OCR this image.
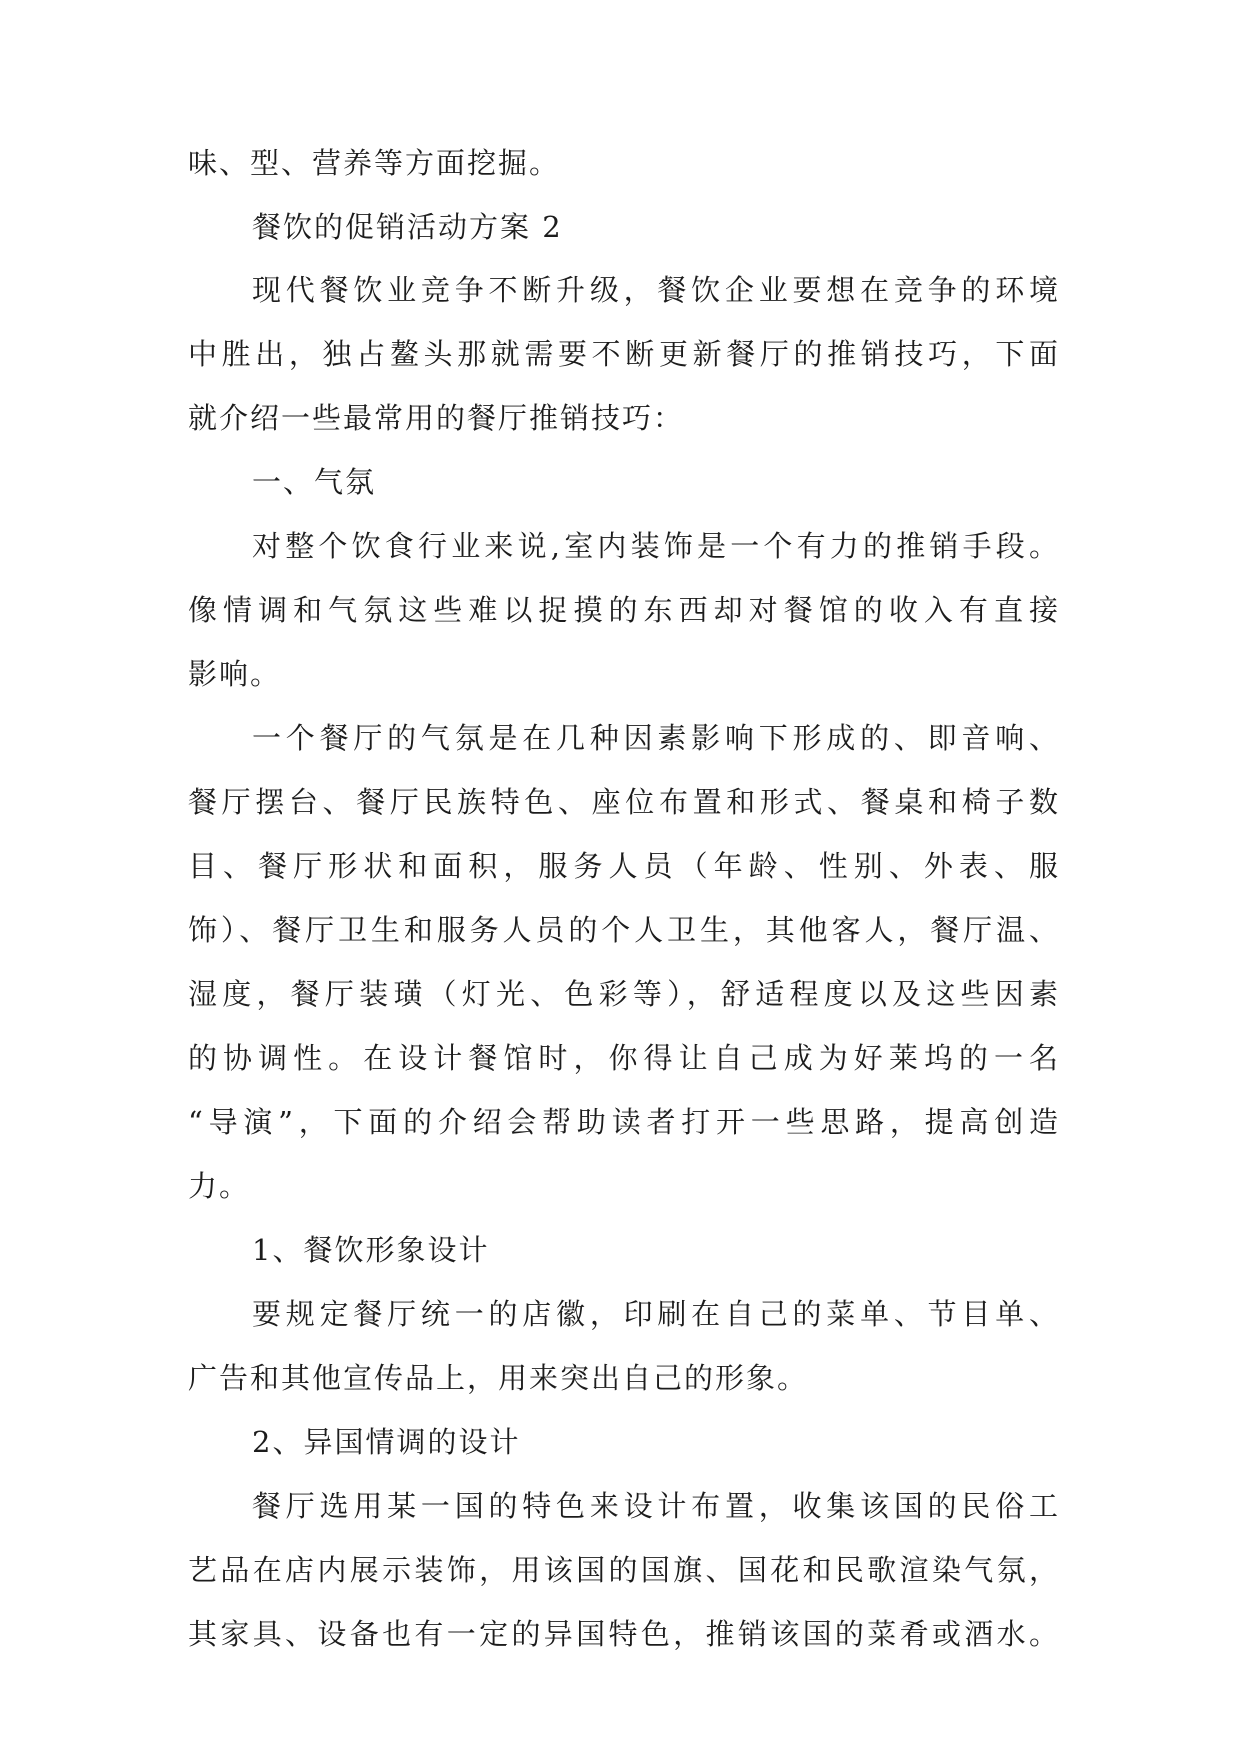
味、型、营养等方面挖掘。
餐饮的促销活动方案 2
现代餐饮业竞争不断升级，餐饮企业要想在竞争的环境
中胜出，独占鳌头那就需要不断更新餐厅的推销技巧，下面
就介绍一些最常用的餐厅推销技巧：
一、气氛
对整个饮食行业来说,室内装饰是一个有力的推销手段。
像情调和气氛这些难以捉摸的东西却对餐馆的收入有直接
影响。
一个餐厅的气氛是在几种因素影响下形成的、即音响、
餐厅摆台、餐厅民族特色、座位布置和形式、餐桌和椅子数
目、餐厅形状和面积，服务人员（年龄、性别、外表、服
饰）、餐厅卫生和服务人员的个人卫生，其他客人，餐厅温、
湿度，餐厅装璜（灯光、色彩等），舒适程度以及这些因素
的协调性。在设计餐馆时，你得让自己成为好莱坞的一名
“导演”，下面的介绍会帮助读者打开一些思路，提高创造
力。
1、餐饮形象设计
要规定餐厅统一的店徽，印刷在自己的菜单、节目单、
广告和其他宣传品上，用来突出自己的形象。
2、异国情调的设计
餐厅选用某一国的特色来设计布置，收集该国的民俗工
艺品在店内展示装饰，用该国的国旗、国花和民歌渲染气氛，
其家具、设备也有一定的异国特色，推销该国的菜肴或酒水。
